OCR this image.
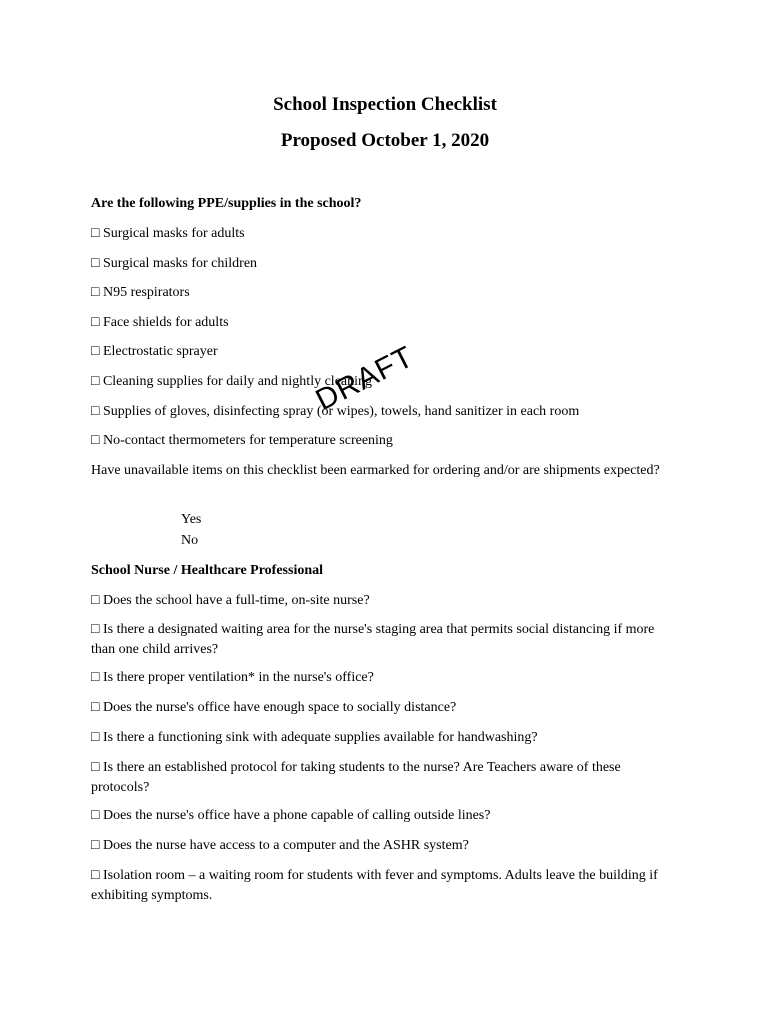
School Inspection Checklist
Proposed October 1, 2020
Are the following PPE/supplies in the school?
□ Surgical masks for adults
□ Surgical masks for children
□ N95 respirators
□ Face shields for adults
□ Electrostatic sprayer
□ Cleaning supplies for daily and nightly cleaning
□ Supplies of gloves, disinfecting spray (or wipes), towels, hand sanitizer in each room
□ No-contact thermometers for temperature screening
Have unavailable items on this checklist been earmarked for ordering and/or are shipments expected?
Yes
No
School Nurse / Healthcare Professional
□ Does the school have a full-time, on-site nurse?
□ Is there a designated waiting area for the nurse's staging area that permits social distancing if more than one child arrives?
□ Is there proper ventilation* in the nurse's office?
□ Does the nurse's office have enough space to socially distance?
□ Is there a functioning sink with adequate supplies available for handwashing?
□ Is there an established protocol for taking students to the nurse? Are Teachers aware of these protocols?
□ Does the nurse's office have a phone capable of calling outside lines?
□ Does the nurse have access to a computer and the ASHR system?
□ Isolation room – a waiting room for students with fever and symptoms. Adults leave the building if exhibiting symptoms.
DRAFT
